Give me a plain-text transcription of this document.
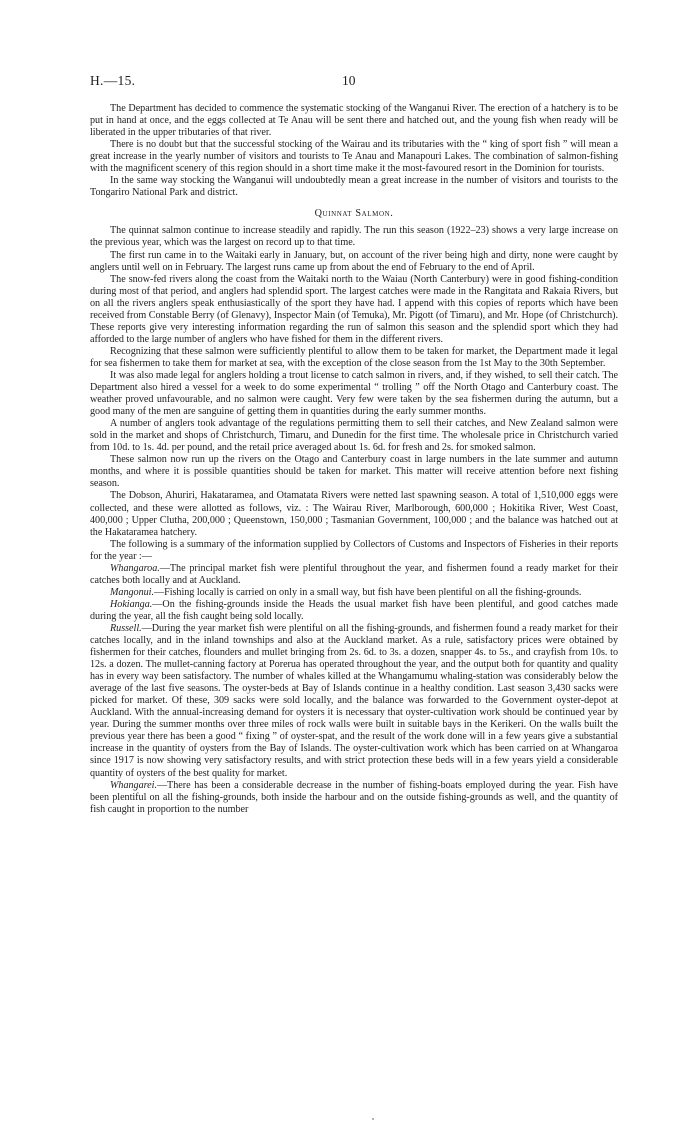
H.—15.	10

The Department has decided to commence the systematic stocking of the Wanganui River. The erection of a hatchery is to be put in hand at once, and the eggs collected at Te Anau will be sent there and hatched out, and the young fish when ready will be liberated in the upper tributaries of that river.

There is no doubt but that the successful stocking of the Wairau and its tributaries with the “ king of sport fish ” will mean a great increase in the yearly number of visitors and tourists to Te Anau and Manapouri Lakes. The combination of salmon-fishing with the magnificent scenery of this region should in a short time make it the most-favoured resort in the Dominion for tourists.

In the same way stocking the Wanganui will undoubtedly mean a great increase in the number of visitors and tourists to the Tongariro National Park and district.

Quinnat Salmon.

The quinnat salmon continue to increase steadily and rapidly. The run this season (1922–23) shows a very large increase on the previous year, which was the largest on record up to that time.

The first run came in to the Waitaki early in January, but, on account of the river being high and dirty, none were caught by anglers until well on in February. The largest runs came up from about the end of February to the end of April.

The snow-fed rivers along the coast from the Waitaki north to the Waiau (North Canterbury) were in good fishing-condition during most of that period, and anglers had splendid sport. The largest catches were made in the Rangitata and Rakaia Rivers, but on all the rivers anglers speak enthusiastically of the sport they have had. I append with this copies of reports which have been received from Constable Berry (of Glenavy), Inspector Main (of Temuka), Mr. Pigott (of Timaru), and Mr. Hope (of Christchurch). These reports give very interesting information regarding the run of salmon this season and the splendid sport which they had afforded to the large number of anglers who have fished for them in the different rivers.

Recognizing that these salmon were sufficiently plentiful to allow them to be taken for market, the Department made it legal for sea fishermen to take them for market at sea, with the exception of the close season from the 1st May to the 30th September.

It was also made legal for anglers holding a trout license to catch salmon in rivers, and, if they wished, to sell their catch. The Department also hired a vessel for a week to do some experimental “ trolling ” off the North Otago and Canterbury coast. The weather proved unfavourable, and no salmon were caught. Very few were taken by the sea fishermen during the autumn, but a good many of the men are sanguine of getting them in quantities during the early summer months.

A number of anglers took advantage of the regulations permitting them to sell their catches, and New Zealand salmon were sold in the market and shops of Christchurch, Timaru, and Dunedin for the first time. The wholesale price in Christchurch varied from 10d. to 1s. 4d. per pound, and the retail price averaged about 1s. 6d. for fresh and 2s. for smoked salmon.

These salmon now run up the rivers on the Otago and Canterbury coast in large numbers in the late summer and autumn months, and where it is possible quantities should be taken for market. This matter will receive attention before next fishing season.

The Dobson, Ahuriri, Hakataramea, and Otamatata Rivers were netted last spawning season. A total of 1,510,000 eggs were collected, and these were allotted as follows, viz. : The Wairau River, Marlborough, 600,000 ; Hokitika River, West Coast, 400,000 ; Upper Clutha, 200,000 ; Queenstown, 150,000 ; Tasmanian Government, 100,000 ; and the balance was hatched out at the Hakataramea hatchery.

The following is a summary of the information supplied by Collectors of Customs and Inspectors of Fisheries in their reports for the year :—

Whangaroa.—The principal market fish were plentiful throughout the year, and fishermen found a ready market for their catches both locally and at Auckland.

Mangonui.—Fishing locally is carried on only in a small way, but fish have been plentiful on all the fishing-grounds.

Hokianga.—On the fishing-grounds inside the Heads the usual market fish have been plentiful, and good catches made during the year, all the fish caught being sold locally.

Russell.—During the year market fish were plentiful on all the fishing-grounds, and fishermen found a ready market for their catches locally, and in the inland townships and also at the Auckland market. As a rule, satisfactory prices were obtained by fishermen for their catches, flounders and mullet bringing from 2s. 6d. to 3s. a dozen, snapper 4s. to 5s., and crayfish from 10s. to 12s. a dozen. The mullet-canning factory at Porerua has operated throughout the year, and the output both for quantity and quality has in every way been satisfactory. The number of whales killed at the Whangamumu whaling-station was considerably below the average of the last five seasons. The oyster-beds at Bay of Islands continue in a healthy condition. Last season 3,430 sacks were picked for market. Of these, 309 sacks were sold locally, and the balance was forwarded to the Government oyster-depot at Auckland. With the annual-increasing demand for oysters it is necessary that oyster-cultivation work should be continued year by year. During the summer months over three miles of rock walls were built in suitable bays in the Kerikeri. On the walls built the previous year there has been a good “ fixing ” of oyster-spat, and the result of the work done will in a few years give a substantial increase in the quantity of oysters from the Bay of Islands. The oyster-cultivation work which has been carried on at Whangaroa since 1917 is now showing very satisfactory results, and with strict protection these beds will in a few years yield a considerable quantity of oysters of the best quality for market.

Whangarei.—There has been a considerable decrease in the number of fishing-boats employed during the year. Fish have been plentiful on all the fishing-grounds, both inside the harbour and on the outside fishing-grounds as well, and the quantity of fish caught in proportion to the number
